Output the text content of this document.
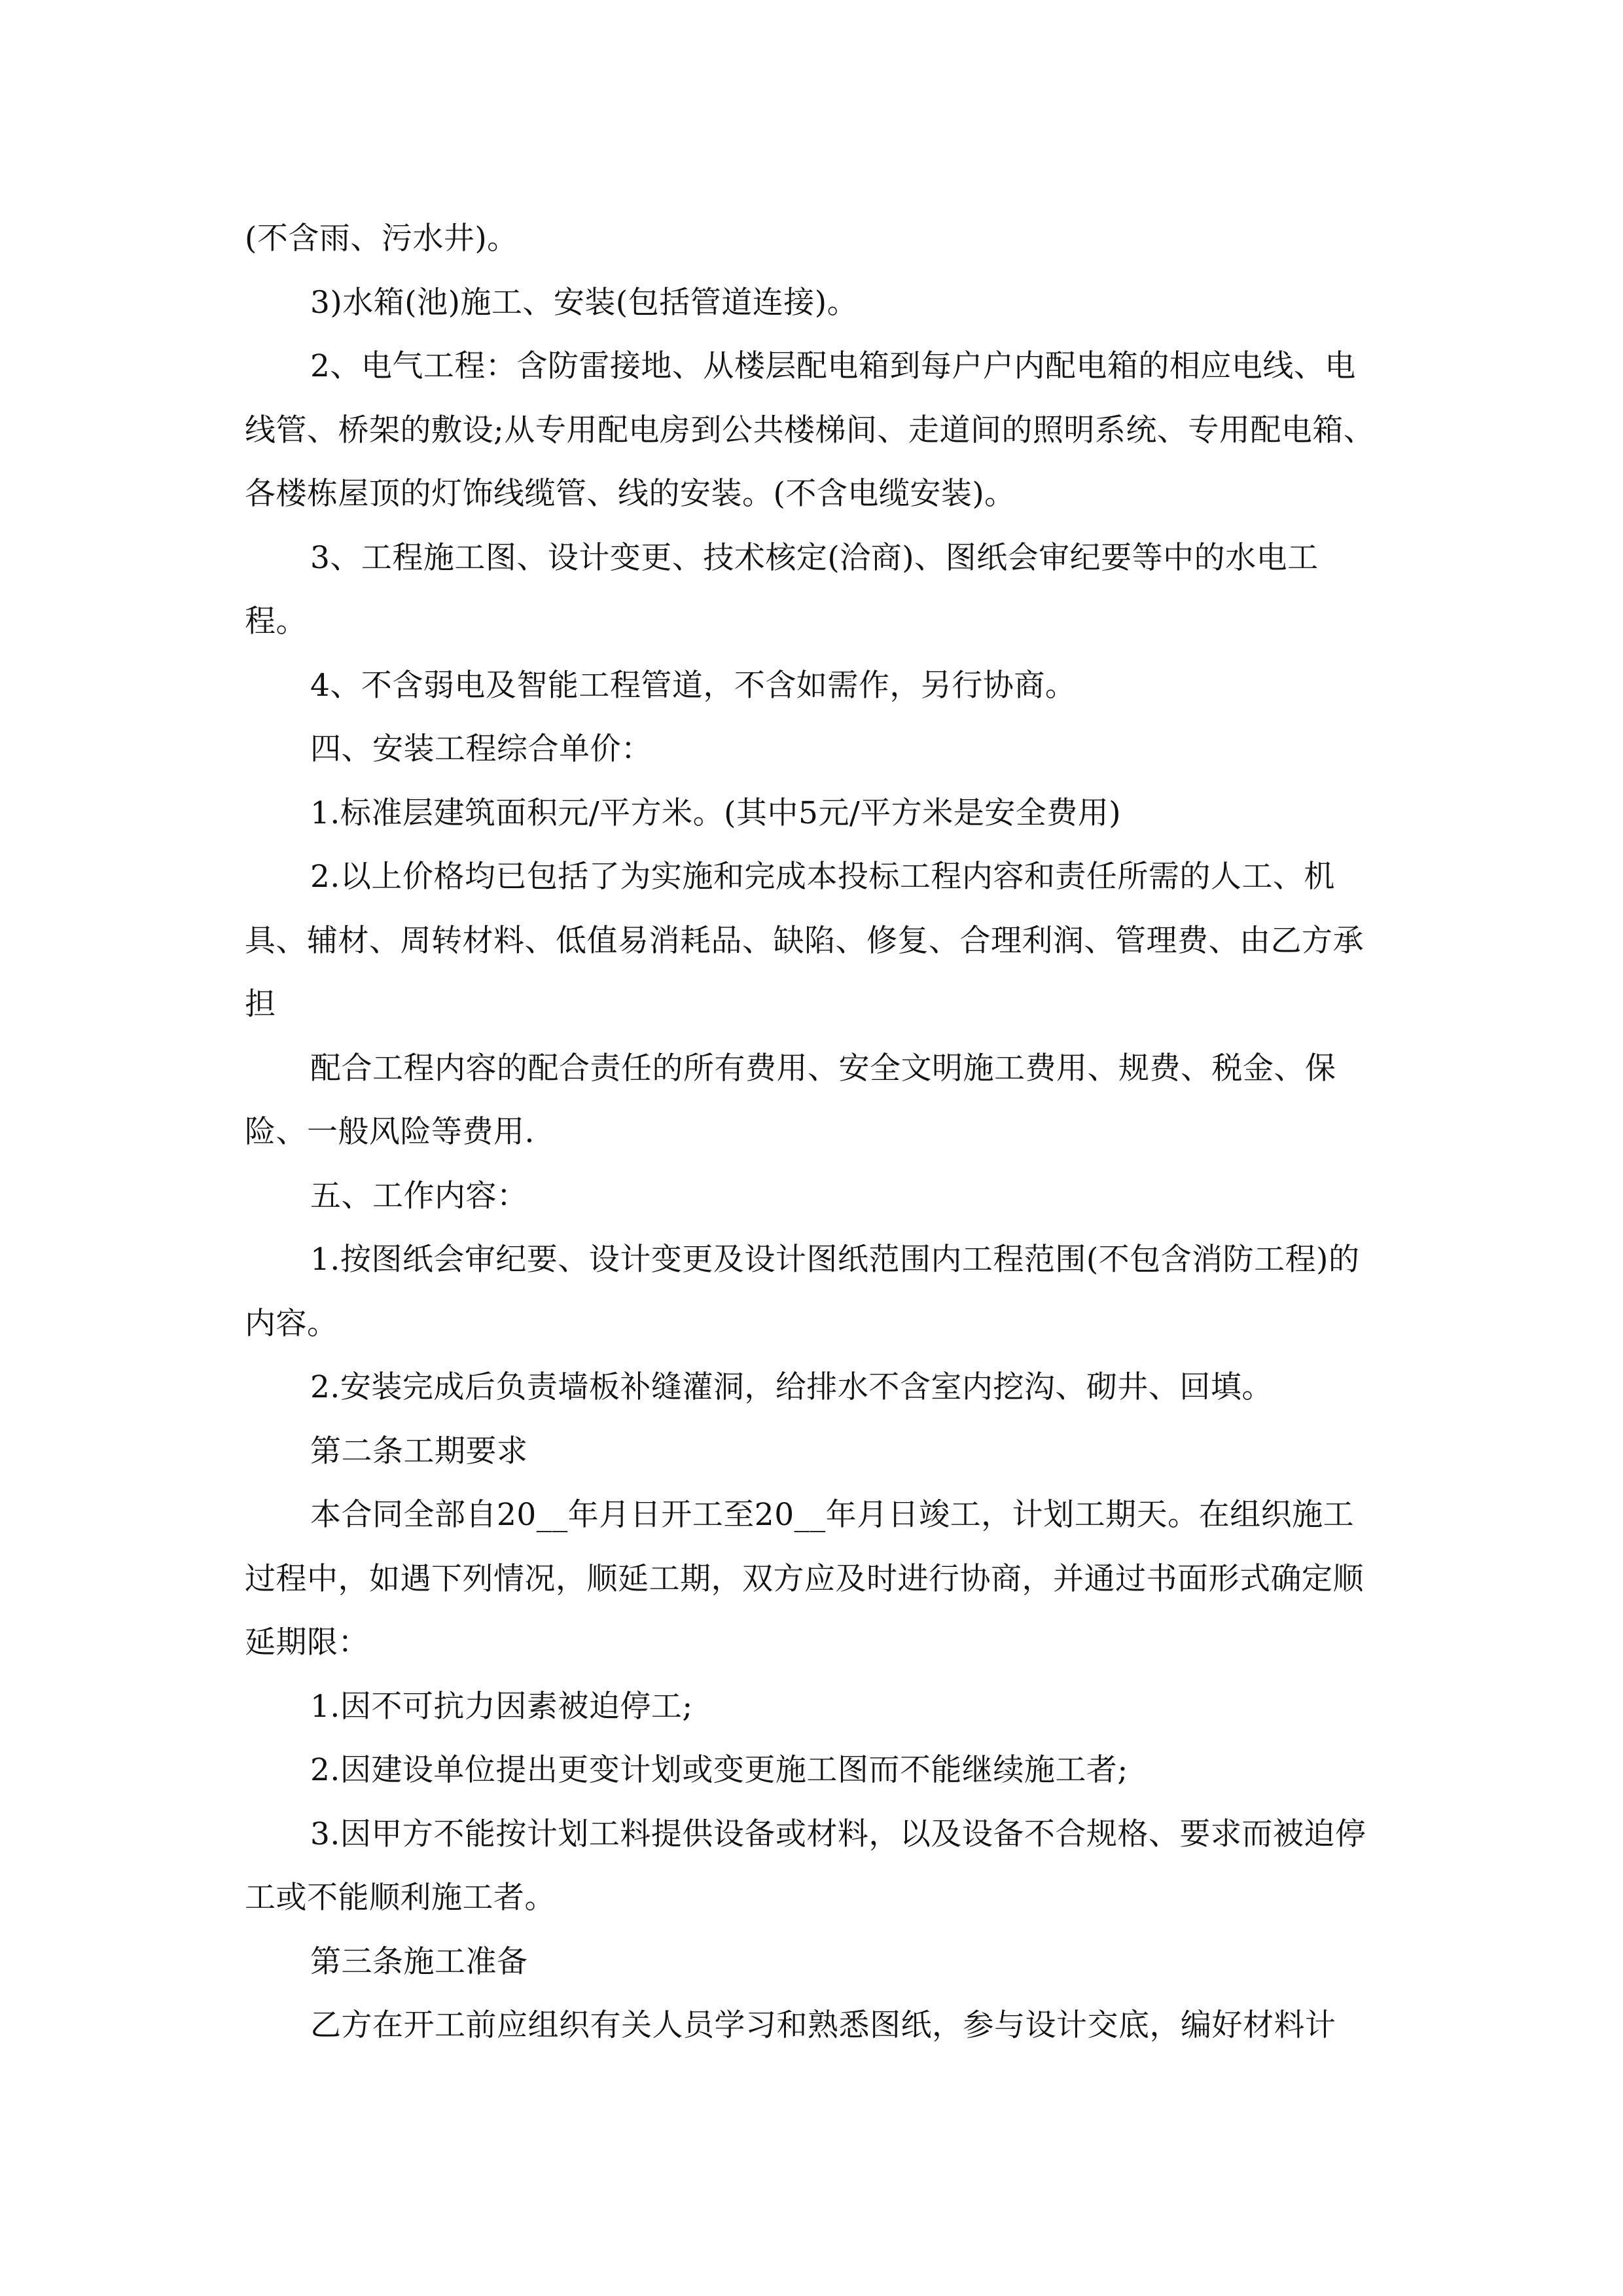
(不含雨、污水井)。

3)水箱(池)施工、安装(包括管道连接)。

2、电气工程：含防雷接地、从楼层配电箱到每户户内配电箱的相应电线、电线管、桥架的敷设;从专用配电房到公共楼梯间、走道间的照明系统、专用配电箱、各楼栋屋顶的灯饰线缆管、线的安装。(不含电缆安装)。

3、工程施工图、设计变更、技术核定(洽商)、图纸会审纪要等中的水电工程。

4、不含弱电及智能工程管道，不含如需作，另行协商。

四、安装工程综合单价：

1.标准层建筑面积元/平方米。(其中5元/平方米是安全费用)

2.以上价格均已包括了为实施和完成本投标工程内容和责任所需的人工、机具、辅材、周转材料、低值易消耗品、缺陷、修复、合理利润、管理费、由乙方承担

配合工程内容的配合责任的所有费用、安全文明施工费用、规费、税金、保险、一般风险等费用.

五、工作内容：

1.按图纸会审纪要、设计变更及设计图纸范围内工程范围(不包含消防工程)的内容。

2.安装完成后负责墙板补缝灌洞，给排水不含室内挖沟、砌井、回填。

第二条工期要求

本合同全部自20__年月日开工至20__年月日竣工，计划工期天。在组织施工过程中，如遇下列情况，顺延工期，双方应及时进行协商，并通过书面形式确定顺延期限：

1.因不可抗力因素被迫停工;

2.因建设单位提出更变计划或变更施工图而不能继续施工者;

3.因甲方不能按计划工料提供设备或材料，以及设备不合规格、要求而被迫停工或不能顺利施工者。

第三条施工准备

乙方在开工前应组织有关人员学习和熟悉图纸，参与设计交底，编好材料计
